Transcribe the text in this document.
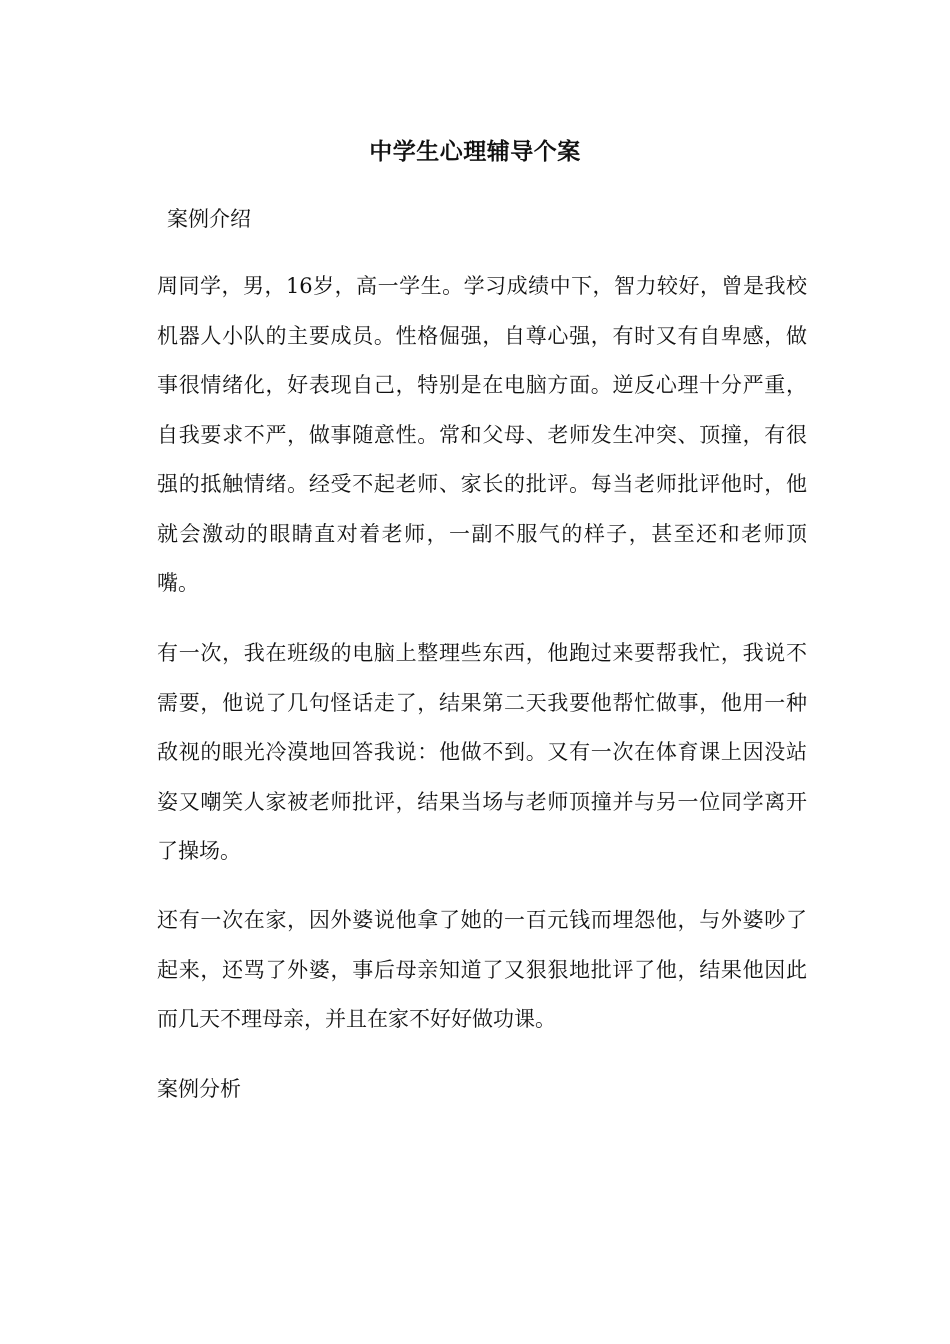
中学生心理辅导个案
案例介绍

周同学，男，16岁，高一学生。学习成绩中下，智力较好，曾是我校机器人小队的主要成员。性格倔强，自尊心强，有时又有自卑感，做事很情绪化，好表现自己，特别是在电脑方面。逆反心理十分严重，自我要求不严，做事随意性。常和父母、老师发生冲突、顶撞，有很强的抵触情绪。经受不起老师、家长的批评。每当老师批评他时，他就会激动的眼睛直对着老师，一副不服气的样子，甚至还和老师顶嘴。

有一次，我在班级的电脑上整理些东西，他跑过来要帮我忙，我说不需要，他说了几句怪话走了，结果第二天我要他帮忙做事，他用一种敌视的眼光冷漠地回答我说：他做不到。又有一次在体育课上因没站姿又嘲笑人家被老师批评，结果当场与老师顶撞并与另一位同学离开了操场。

还有一次在家，因外婆说他拿了她的一百元钱而埋怨他，与外婆吵了起来，还骂了外婆，事后母亲知道了又狠狠地批评了他，结果他因此而几天不理母亲，并且在家不好好做功课。

案例分析
